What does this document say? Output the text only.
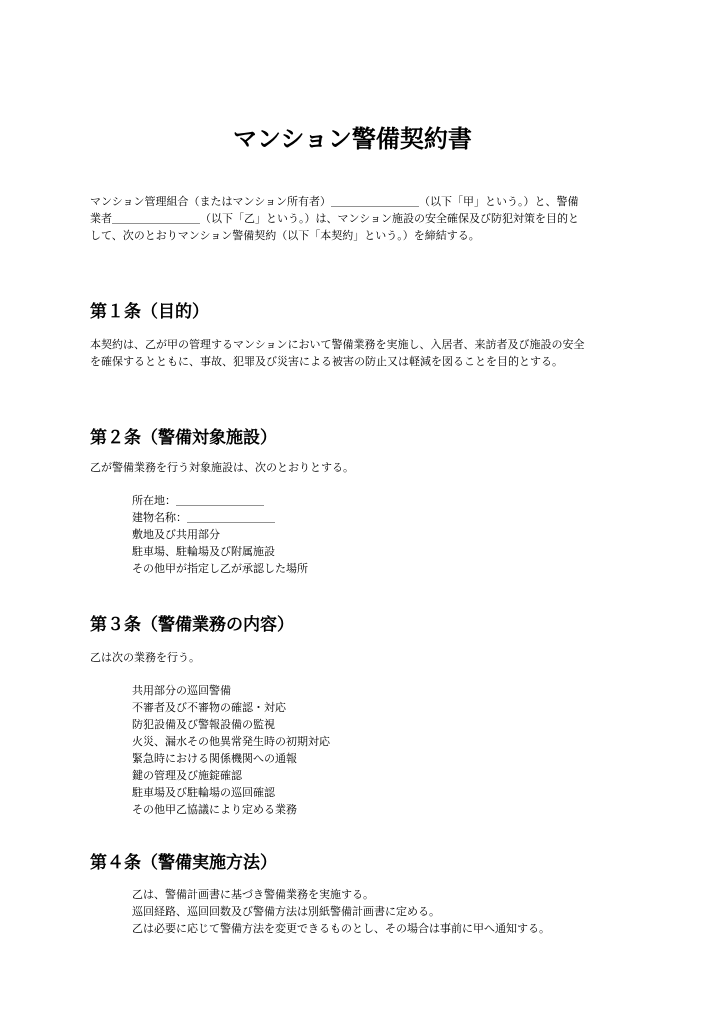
マンション警備契約書
マンション管理組合（またはマンション所有者）＿＿＿＿＿＿＿＿（以下「甲」という。）と、警備
業者＿＿＿＿＿＿＿＿（以下「乙」という。）は、マンション施設の安全確保及び防犯対策を目的と
して、次のとおりマンション警備契約（以下「本契約」という。）を締結する。
第１条（目的）
本契約は、乙が甲の管理するマンションにおいて警備業務を実施し、入居者、来訪者及び施設の安全
を確保するとともに、事故、犯罪及び災害による被害の防止又は軽減を図ることを目的とする。
第２条（警備対象施設）
乙が警備業務を行う対象施設は、次のとおりとする。
所在地：＿＿＿＿＿＿＿＿
建物名称：＿＿＿＿＿＿＿＿
敷地及び共用部分
駐車場、駐輪場及び附属施設
その他甲が指定し乙が承認した場所
第３条（警備業務の内容）
乙は次の業務を行う。
共用部分の巡回警備
不審者及び不審物の確認・対応
防犯設備及び警報設備の監視
火災、漏水その他異常発生時の初期対応
緊急時における関係機関への通報
鍵の管理及び施錠確認
駐車場及び駐輪場の巡回確認
その他甲乙協議により定める業務
第４条（警備実施方法）
乙は、警備計画書に基づき警備業務を実施する。
巡回経路、巡回回数及び警備方法は別紙警備計画書に定める。
乙は必要に応じて警備方法を変更できるものとし、その場合は事前に甲へ通知する。
